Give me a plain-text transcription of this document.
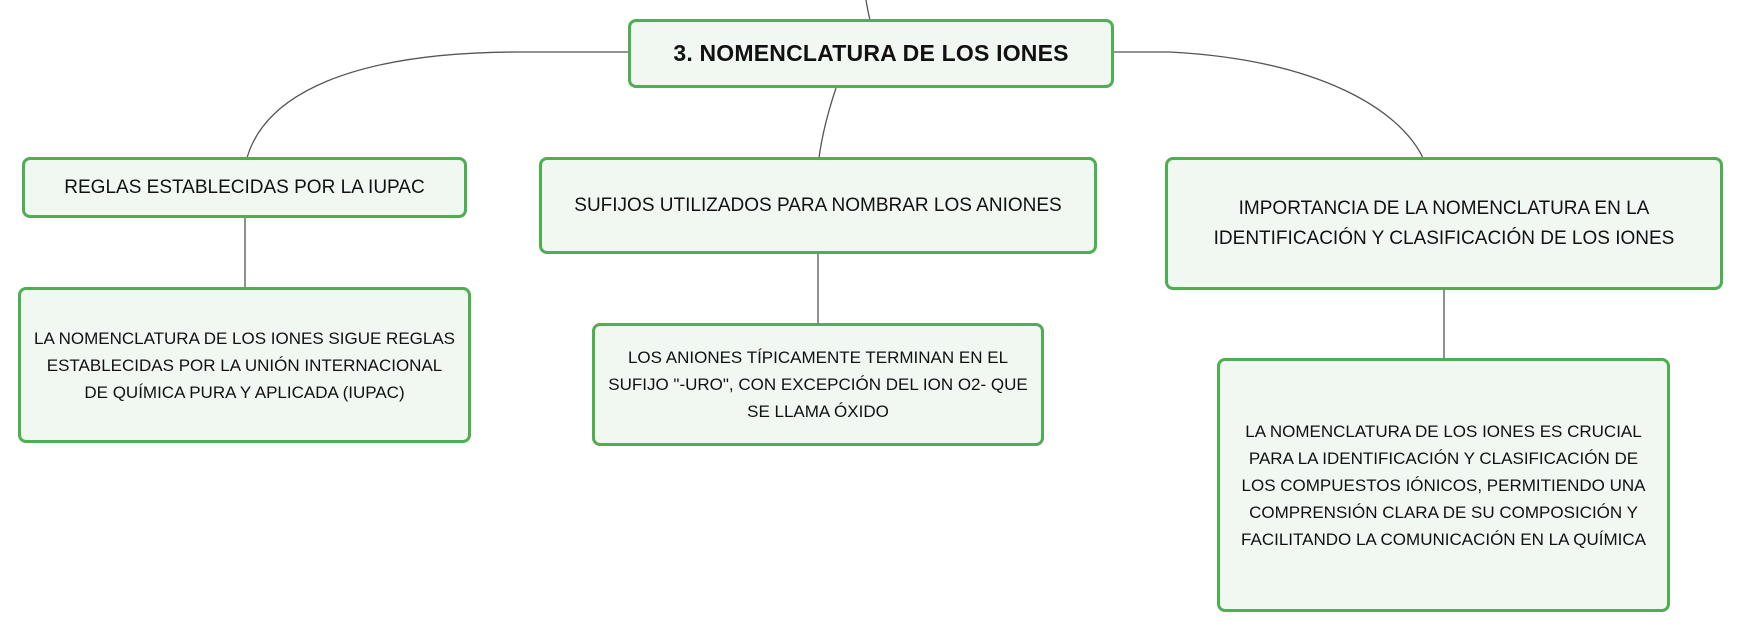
3. NOMENCLATURA DE LOS IONES
REGLAS ESTABLECIDAS POR LA IUPAC
SUFIJOS UTILIZADOS PARA NOMBRAR LOS ANIONES	IMPORTANCIA DE LA NOMENCLATURA EN LA IDENTIFICACIÓN Y CLASIFICACIÓN DE LOS IONES
LA NOMENCLATURA DE LOS IONES SIGUE REGLAS ESTABLECIDAS POR LA UNIÓN INTERNACIONAL DE QUÍMICA PURA Y APLICADA (IUPAC)
LOS ANIONES TÍPICAMENTE TERMINAN EN EL SUFIJO "-URO", CON EXCEPCIÓN DEL ION O2- QUE SE LLAMA ÓXIDO
LA NOMENCLATURA DE LOS IONES ES CRUCIAL PARA LA IDENTIFICACIÓN Y CLASIFICACIÓN DE LOS COMPUESTOS IÓNICOS, PERMITIENDO UNA COMPRENSIÓN CLARA DE SU COMPOSICIÓN Y FACILITANDO LA COMUNICACIÓN EN LA QUÍMICA
